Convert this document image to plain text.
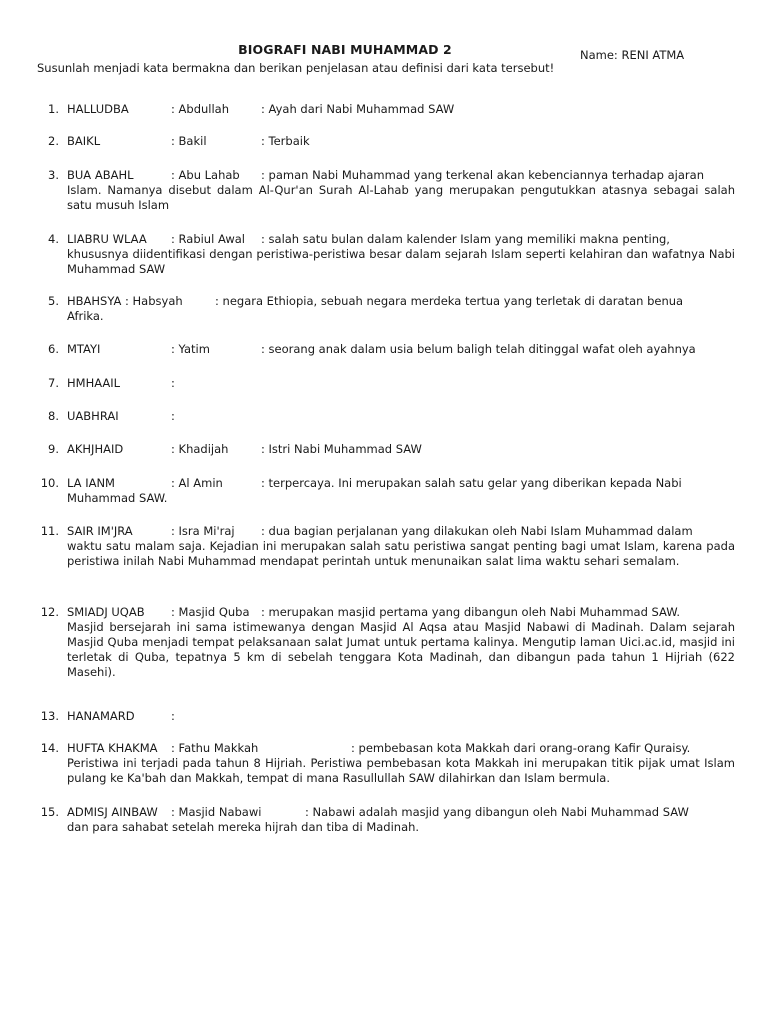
BIOGRAFI NABI MUHAMMAD 2	Name: RENI ATMA
Susunlah menjadi kata bermakna dan berikan penjelasan atau definisi dari kata tersebut!
1. HALLUDBA	: Abdullah	: Ayah dari Nabi Muhammad SAW
2. BAIKL	: Bakil	: Terbaik
3. BUA ABAHL	: Abu Lahab : paman Nabi Muhammad yang terkenal akan kebenciannya terhadap ajaran
Islam. Namanya disebut dalam Al-Qur'an Surah Al-Lahab yang merupakan pengutukkan atasnya sebagai salah satu musuh Islam
4. LIABRU WLAA : Rabiul Awal : salah satu bulan dalam kalender Islam yang memiliki makna penting,
khususnya diidentifikasi dengan peristiwa-peristiwa besar dalam sejarah Islam seperti kelahiran dan wafatnya Nabi Muhammad SAW
5. HBAHSYA : Habsyah	: negara Ethiopia, sebuah negara merdeka tertua yang terletak di daratan benua
Afrika.
6. MTAYI	: Yatim	: seorang anak dalam usia belum baligh telah ditinggal wafat oleh ayahnya
7. HMHAAIL	:
8. UABHRAI	:
9. AKHJHAID	: Khadijah	: Istri Nabi Muhammad SAW
10. LA IANM	: Al Amin	: terpercaya. Ini merupakan salah satu gelar yang diberikan kepada Nabi
Muhammad SAW.
11. SAIR IM'JRA	: Isra Mi'raj : dua bagian perjalanan yang dilakukan oleh Nabi Islam Muhammad dalam
waktu satu malam saja. Kejadian ini merupakan salah satu peristiwa sangat penting bagi umat Islam, karena pada peristiwa inilah Nabi Muhammad mendapat perintah untuk menunaikan salat lima waktu sehari semalam.
12. SMIADJ UQAB : Masjid Quba : merupakan masjid pertama yang dibangun oleh Nabi Muhammad SAW.
Masjid bersejarah ini sama istimewanya dengan Masjid Al Aqsa atau Masjid Nabawi di Madinah. Dalam sejarah Masjid Quba menjadi tempat pelaksanaan salat Jumat untuk pertama kalinya. Mengutip laman Uici.ac.id, masjid ini terletak di Quba, tepatnya 5 km di sebelah tenggara Kota Madinah, dan dibangun pada tahun 1 Hijriah (622 Masehi).
13. HANAMARD	:
14. HUFTA KHAKMA : Fathu Makkah	: pembebasan kota Makkah dari orang-orang Kafir Quraisy.
Peristiwa ini terjadi pada tahun 8 Hijriah. Peristiwa pembebasan kota Makkah ini merupakan titik pijak umat Islam pulang ke Ka'bah dan Makkah, tempat di mana Rasullullah SAW dilahirkan dan Islam bermula.
15. ADMISJ AINBAW : Masjid Nabawi	: Nabawi adalah masjid yang dibangun oleh Nabi Muhammad SAW
dan para sahabat setelah mereka hijrah dan tiba di Madinah.
